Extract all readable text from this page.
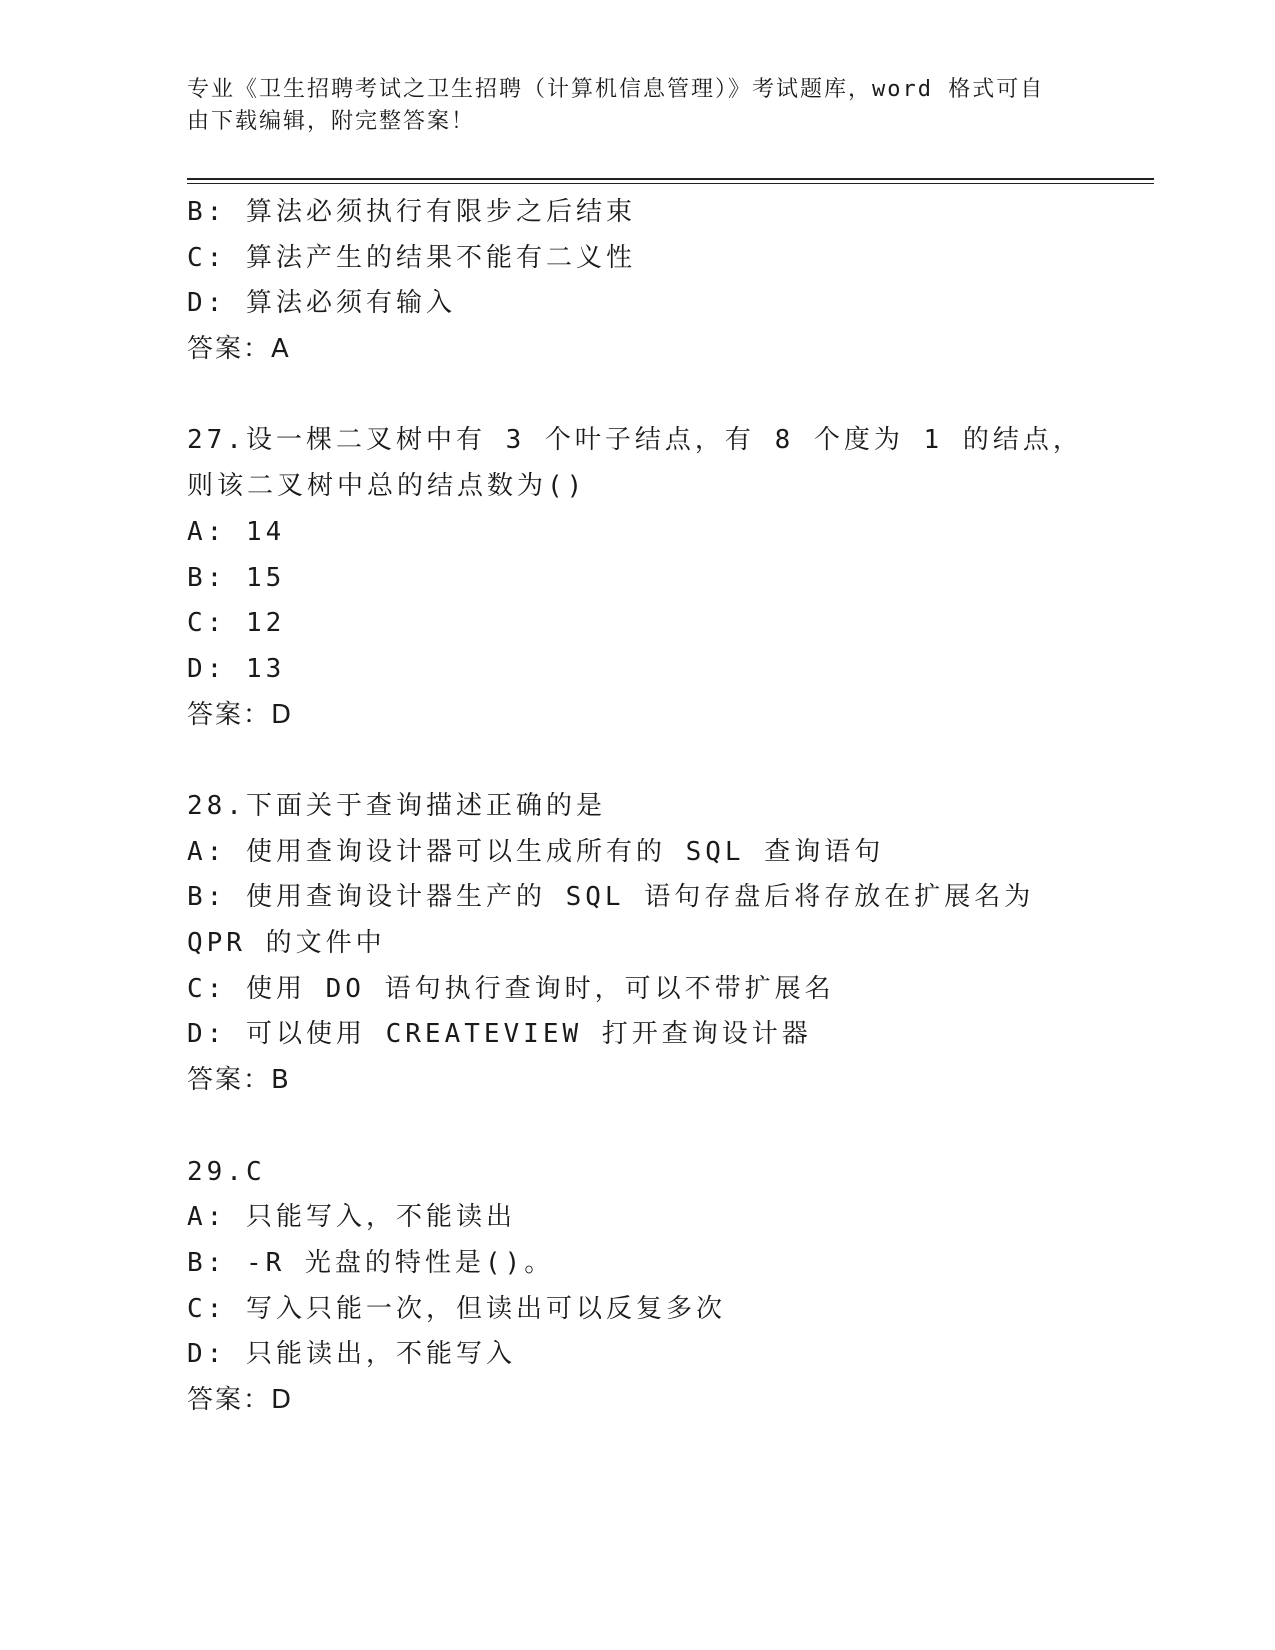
专业《卫生招聘考试之卫生招聘（计算机信息管理）》考试题库，word 格式可自由下载编辑，附完整答案！
B: 算法必须执行有限步之后结束
C: 算法产生的结果不能有二义性
D: 算法必须有输入
答案：A
27.设一棵二叉树中有 3 个叶子结点，有 8 个度为 1 的结点，则该二叉树中总的结点数为()
A: 14
B: 15
C: 12
D: 13
答案：D
28.下面关于查询描述正确的是
A: 使用查询设计器可以生成所有的 SQL 查询语句
B: 使用查询设计器生产的 SQL 语句存盘后将存放在扩展名为 QPR 的文件中
C: 使用 DO 语句执行查询时，可以不带扩展名
D: 可以使用 CREATEVIEW 打开查询设计器
答案：B
29.C
A: 只能写入，不能读出
B: -R 光盘的特性是()。
C: 写入只能一次，但读出可以反复多次
D: 只能读出，不能写入
答案：D
